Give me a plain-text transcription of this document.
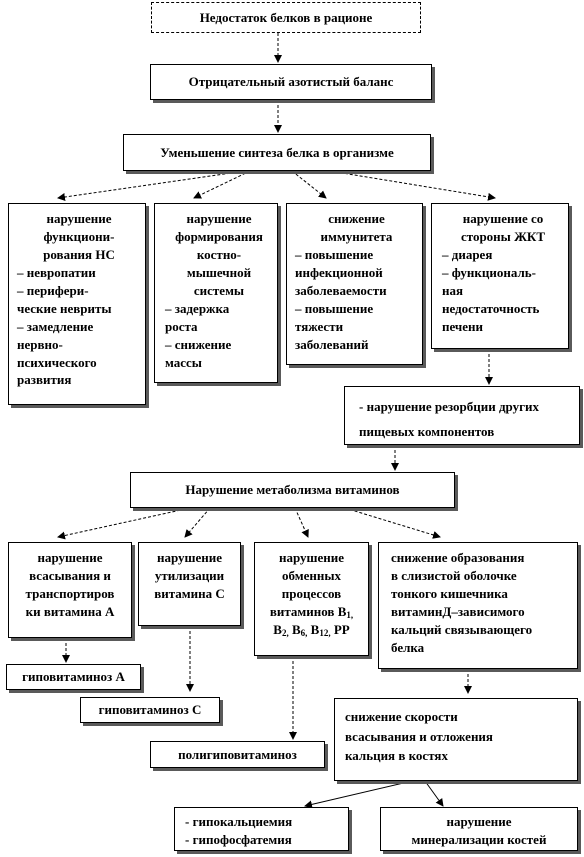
Недостаток белков в рационе
Отрицательный азотистый баланс
Уменьшение синтеза белка в организме
нарушение
функциони-
рования НС
– невропатии
– перифери-
ческие невриты
– замедление
нервно-
психического
развития
нарушение
формирования
костно-
мышечной
системы
– задержка
роста
– снижение
массы
снижение
иммунитета
– повышение
инфекционной
заболеваемости
– повышение
тяжести
заболеваний
нарушение со
стороны ЖКТ
– диарея
– функциональ-
ная
недостаточность
печени
- нарушение резорбции других
пищевых компонентов
Нарушение метаболизма витаминов
нарушение
всасывания и
транспортиров
ки витамина А
нарушение
утилизации
витамина С
нарушение
обменных
процессов
витаминов $В_{1,}$
$В_{2,}$ $В_{6,}$ $В_{12,}$ РР
снижение образования
в слизистой оболочке
тонкого кишечника
витаминД–зависимого
кальций связывающего
белка
гиповитаминоз А
гиповитаминоз С	снижение скорости
всасывания и отложения
кальция в костях
полигиповитаминоз
- гипокальциемия
- гипофосфатемия
нарушение
минерализации костей
